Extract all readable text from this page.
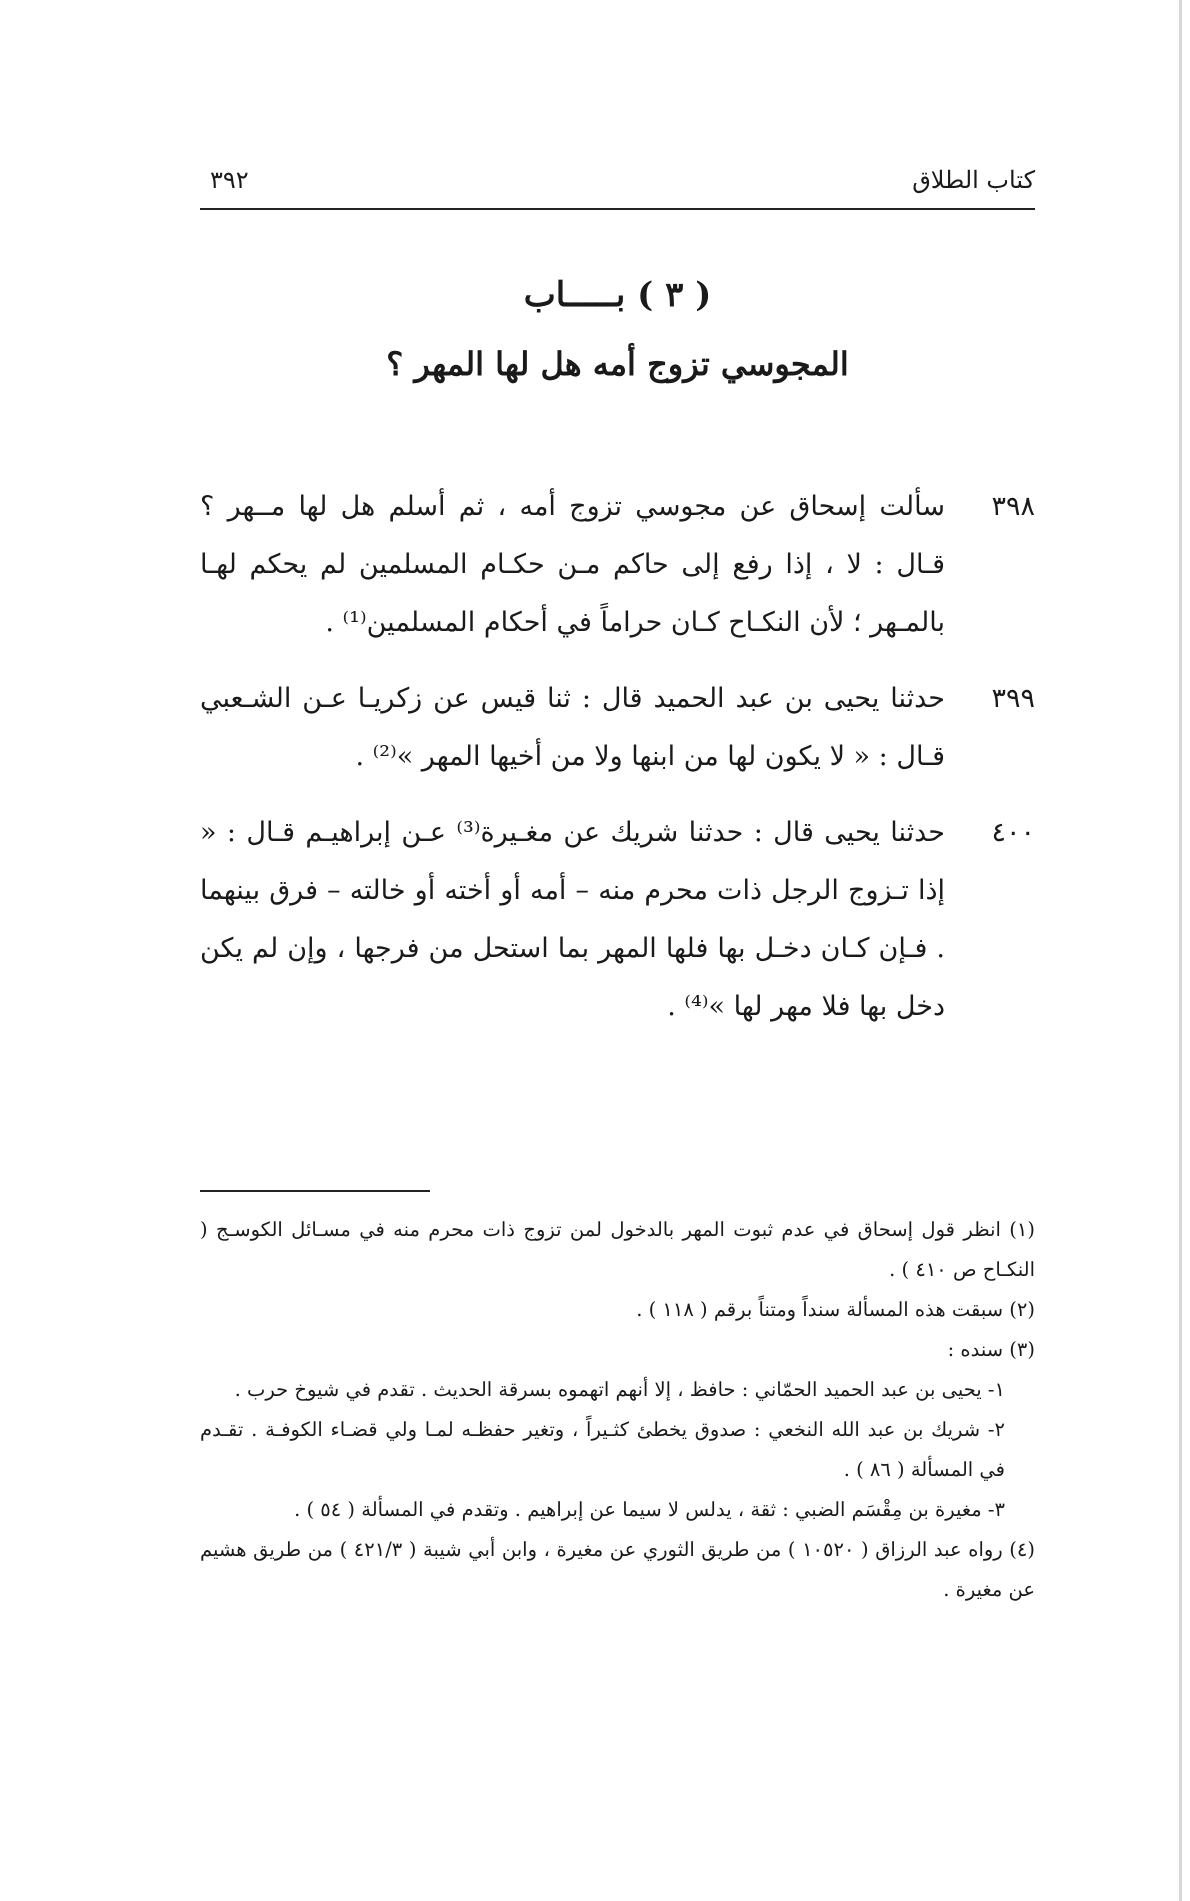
كتاب الطلاق
٣٩٢
( ٣ ) بـــــاب
المجوسي تزوج أمه هل لها المهر ؟
٣٩٨
سألت إسحاق عن مجوسي تزوج أمه ، ثم أسلم هل لها مــهر ؟ قـال : لا ، إذا رفع إلى حاكم مـن حكـام المسلمين لم يحكم لهـا بالمـهر ؛ لأن النكـاح كـان حراماً في أحكام المسلمين⁽¹⁾ .
٣٩٩
حدثنا يحيى بن عبد الحميد قال : ثنا قيس عن زكريـا عـن الشـعبي قـال : « لا يكون لها من ابنها ولا من أخيها المهر »⁽²⁾ .
٤٠٠
حدثنا يحيى قال : حدثنا شريك عن مغـيرة⁽³⁾ عـن إبراهيـم قـال : « إذا تـزوج الرجل ذات محرم منه – أمه أو أخته أو خالته – فرق بينهما . فـإن كـان دخـل بها فلها المهر بما استحل من فرجها ، وإن لم يكن دخل بها فلا مهر لها »⁽⁴⁾ .
(١) انظر قول إسحاق في عدم ثبوت المهر بالدخول لمن تزوج ذات محرم منه في مسـائل الكوسـج ( النكـاح ص ٤١٠ ) .
(٢) سبقت هذه المسألة سنداً ومتناً برقم ( ١١٨ ) .
(٣) سنده :
١- يحيى بن عبد الحميد الحمّاني : حافظ ، إلا أنهم اتهموه بسرقة الحديث . تقدم في شيوخ حرب .
٢- شريك بن عبد الله النخعي : صدوق يخطئ كثـيراً ، وتغير حفظـه لمـا ولي قضـاء الكوفـة . تقـدم في المسألة ( ٨٦ ) .
٣- مغيرة بن مِقْسَم الضبي : ثقة ، يدلس لا سيما عن إبراهيم . وتقدم في المسألة ( ٥٤ ) .
(٤) رواه عبد الرزاق ( ١٠٥٢٠ ) من طريق الثوري عن مغيرة ، وابن أبي شيبة ( ٤٢١/٣ ) من طريق هشيم عن مغيرة .
